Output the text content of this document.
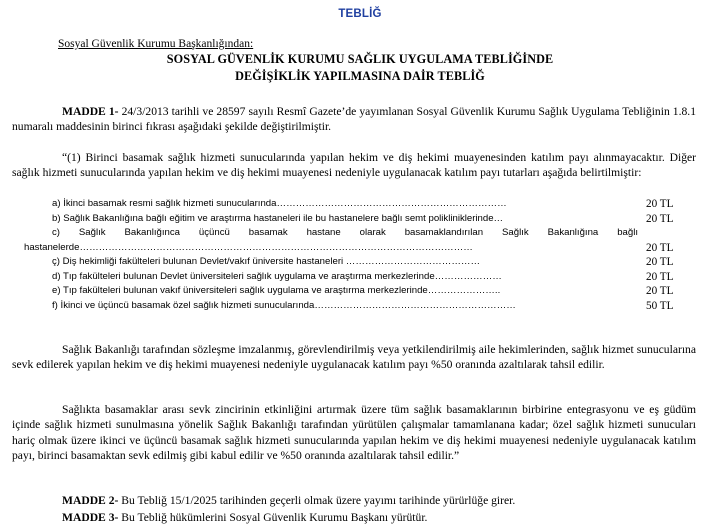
TEBLİĞ
Sosyal Güvenlik Kurumu Başkanlığından:
SOSYAL GÜVENLİK KURUMU SAĞLIK UYGULAMA TEBLİĞİNDE
DEĞİŞİKLİK YAPILMASINA DAİR TEBLİĞ
MADDE 1- 24/3/2013 tarihli ve 28597 sayılı Resmî Gazete’de yayımlanan Sosyal Güvenlik Kurumu Sağlık Uygulama Tebliğinin 1.8.1 numaralı maddesinin birinci fıkrası aşağıdaki şekilde değiştirilmiştir.
“(1) Birinci basamak sağlık hizmeti sunucularında yapılan hekim ve diş hekimi muayenesinden katılım payı alınmayacaktır. Diğer sağlık hizmeti sunucularında yapılan hekim ve diş hekimi muayenesi nedeniyle uygulanacak katılım payı tutarları aşağıda belirtilmiştir:
a) İkinci basamak resmi sağlık hizmeti sunucularında………………………………………………………………	20 TL
b) Sağlık Bakanlığına bağlı eğitim ve araştırma hastaneleri ile bu hastanelere bağlı semt polikliniklerinde…	20 TL
c) Sağlık Bakanlığınca üçüncü basamak hastane olarak basamaklandırılan Sağlık Bakanlığına bağlı
hastanelerde……………………………………………………………………………………………………………	20 TL
ç) Diş hekimliği fakülteleri bulunan Devlet/vakıf üniversite hastaneleri ……………………………………	20 TL
d) Tıp fakülteleri bulunan Devlet üniversiteleri sağlık uygulama ve araştırma merkezlerinde…………………	20 TL
e) Tıp fakülteleri bulunan vakıf üniversiteleri sağlık uygulama ve araştırma merkezlerinde…………………..	20 TL
f) İkinci ve üçüncü basamak özel sağlık hizmeti sunucularında………………………………………………………	50 TL
Sağlık Bakanlığı tarafından sözleşme imzalanmış, görevlendirilmiş veya yetkilendirilmiş aile hekimlerinden, sağlık hizmet sunucularına sevk edilerek yapılan hekim ve diş hekimi muayenesi nedeniyle uygulanacak katılım payı %50 oranında azaltılarak tahsil edilir.
Sağlıkta basamaklar arası sevk zincirinin etkinliğini artırmak üzere tüm sağlık basamaklarının birbirine entegrasyonu ve eş güdüm içinde sağlık hizmeti sunulmasına yönelik Sağlık Bakanlığı tarafından yürütülen çalışmalar tamamlanana kadar; özel sağlık hizmeti sunucuları hariç olmak üzere ikinci ve üçüncü basamak sağlık hizmeti sunucularında yapılan hekim ve diş hekimi muayenesi nedeniyle uygulanacak katılım payı, birinci basamaktan sevk edilmiş gibi kabul edilir ve %50 oranında azaltılarak tahsil edilir.”
MADDE 2- Bu Tebliğ 15/1/2025 tarihinden geçerli olmak üzere yayımı tarihinde yürürlüğe girer.
MADDE 3- Bu Tebliğ hükümlerini Sosyal Güvenlik Kurumu Başkanı yürütür.
